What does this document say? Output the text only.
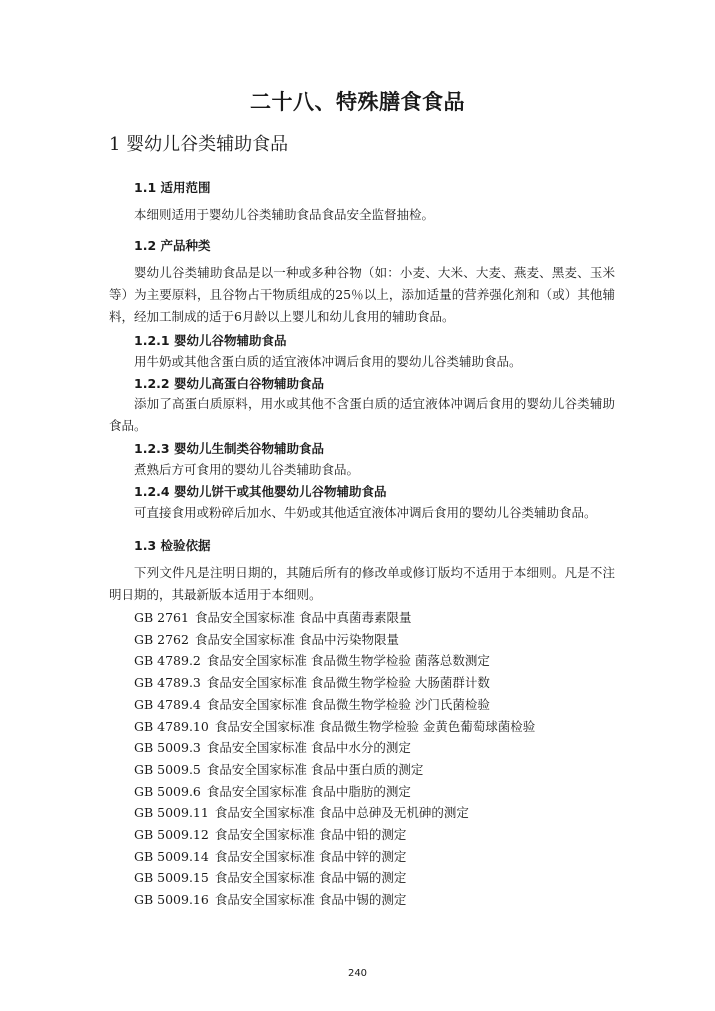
二十八、特殊膳食食品
1 婴幼儿谷类辅助食品
1.1 适用范围
本细则适用于婴幼儿谷类辅助食品食品安全监督抽检。
1.2 产品种类
婴幼儿谷类辅助食品是以一种或多种谷物（如：小麦、大米、大麦、燕麦、黑麦、玉米等）为主要原料，且谷物占干物质组成的25％以上，添加适量的营养强化剂和（或）其他辅料，经加工制成的适于6月龄以上婴儿和幼儿食用的辅助食品。
1.2.1 婴幼儿谷物辅助食品
用牛奶或其他含蛋白质的适宜液体冲调后食用的婴幼儿谷类辅助食品。
1.2.2 婴幼儿高蛋白谷物辅助食品
添加了高蛋白质原料，用水或其他不含蛋白质的适宜液体冲调后食用的婴幼儿谷类辅助食品。
1.2.3 婴幼儿生制类谷物辅助食品
煮熟后方可食用的婴幼儿谷类辅助食品。
1.2.4 婴幼儿饼干或其他婴幼儿谷物辅助食品
可直接食用或粉碎后加水、牛奶或其他适宜液体冲调后食用的婴幼儿谷类辅助食品。
1.3 检验依据
下列文件凡是注明日期的，其随后所有的修改单或修订版均不适用于本细则。凡是不注明日期的，其最新版本适用于本细则。
GB 2761 食品安全国家标准 食品中真菌毒素限量
GB 2762 食品安全国家标准 食品中污染物限量
GB 4789.2 食品安全国家标准 食品微生物学检验 菌落总数测定
GB 4789.3 食品安全国家标准 食品微生物学检验 大肠菌群计数
GB 4789.4 食品安全国家标准 食品微生物学检验 沙门氏菌检验
GB 4789.10 食品安全国家标准 食品微生物学检验 金黄色葡萄球菌检验
GB 5009.3 食品安全国家标准 食品中水分的测定
GB 5009.5 食品安全国家标准 食品中蛋白质的测定
GB 5009.6 食品安全国家标准 食品中脂肪的测定
GB 5009.11 食品安全国家标准 食品中总砷及无机砷的测定
GB 5009.12 食品安全国家标准 食品中铅的测定
GB 5009.14 食品安全国家标准 食品中锌的测定
GB 5009.15 食品安全国家标准 食品中镉的测定
GB 5009.16 食品安全国家标准 食品中锡的测定
240
